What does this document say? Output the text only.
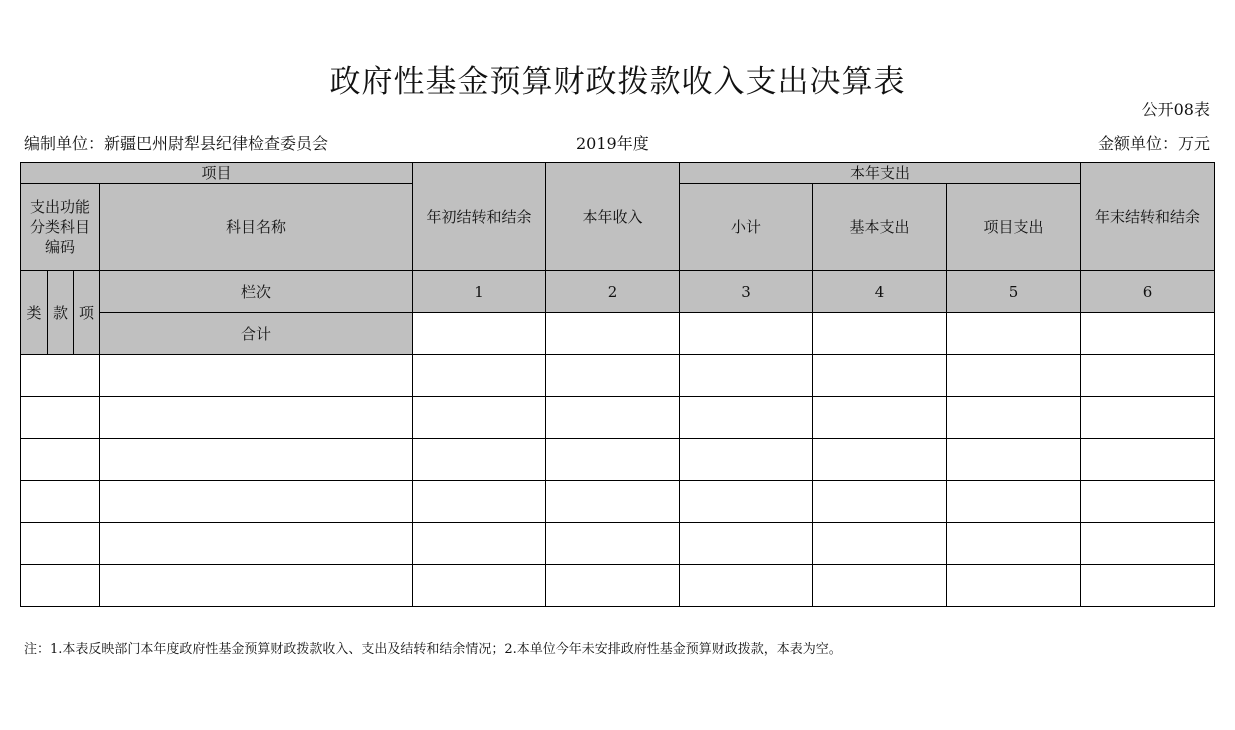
政府性基金预算财政拨款收入支出决算表
公开08表
编制单位：新疆巴州尉犁县纪律检查委员会	2019年度	金额单位：万元
项目				年初结转和结余	本年收入	本年支出			年末结转和结余
支出功能分类科目编码			科目名称			小计	基本支出	项目支出	
类	款	项	栏次	1	2	3	4	5	6
			合计						

注：1.本表反映部门本年度政府性基金预算财政拨款收入、支出及结转和结余情况；2.本单位今年未安排政府性基金预算财政拨款，本表为空。
